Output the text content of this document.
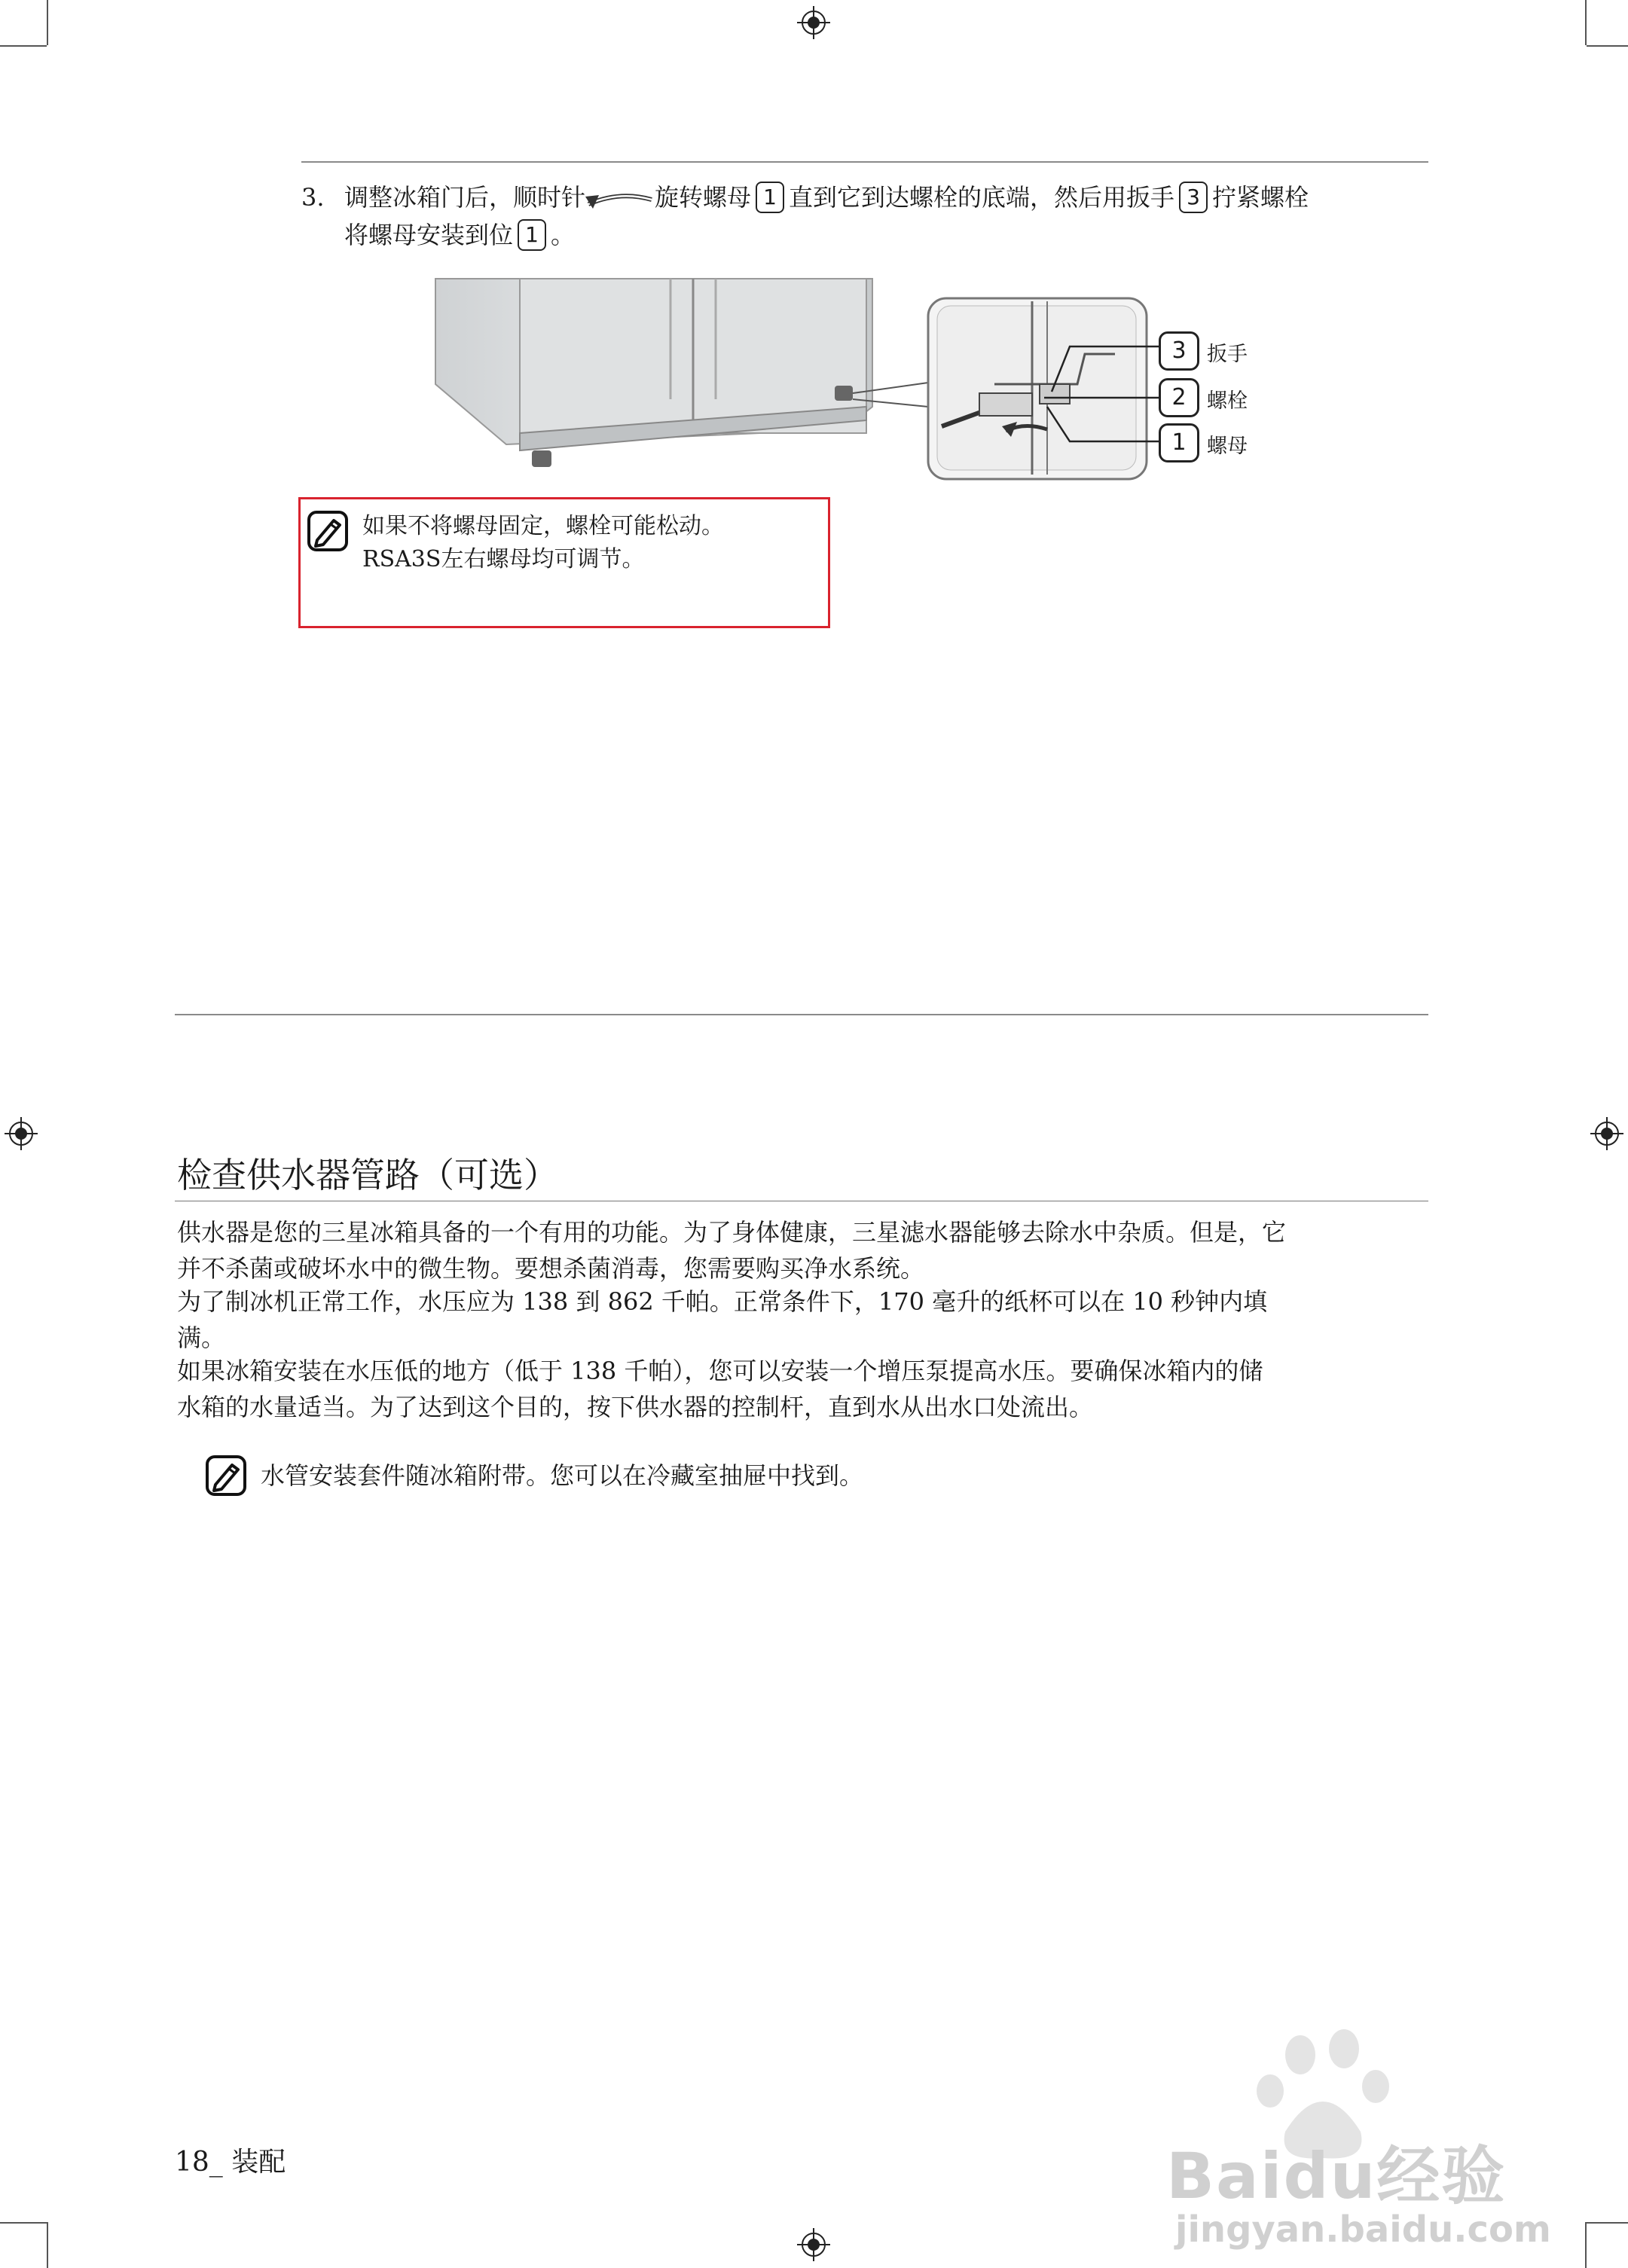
3. 调整冰箱门后，顺时针	旋转螺母 1 直到它到达螺栓的底端，然后用扳手 3 拧紧螺栓
将螺母安装到位 1 。
3	扳手
2	螺栓
1	螺母
如果不将螺母固定，螺栓可能松动。
RSA3S左右螺母均可调节。
检查供水器管路（可选）
供水器是您的三星冰箱具备的一个有用的功能。为了身体健康，三星滤水器能够去除水中杂质。但是，它
并不杀菌或破坏水中的微生物。要想杀菌消毒，您需要购买净水系统。
为了制冰机正常工作，水压应为 138 到 862 千帕。正常条件下，170 毫升的纸杯可以在 10 秒钟内填
满。
如果冰箱安装在水压低的地方（低于 138 千帕），您可以安装一个增压泵提高水压。要确保冰箱内的储
水箱的水量适当。为了达到这个目的，按下供水器的控制杆，直到水从出水口处流出。
水管安装套件随冰箱附带。您可以在冷藏室抽屉中找到。
18_ 装配	Baidu经验
jingyan.baidu.com
